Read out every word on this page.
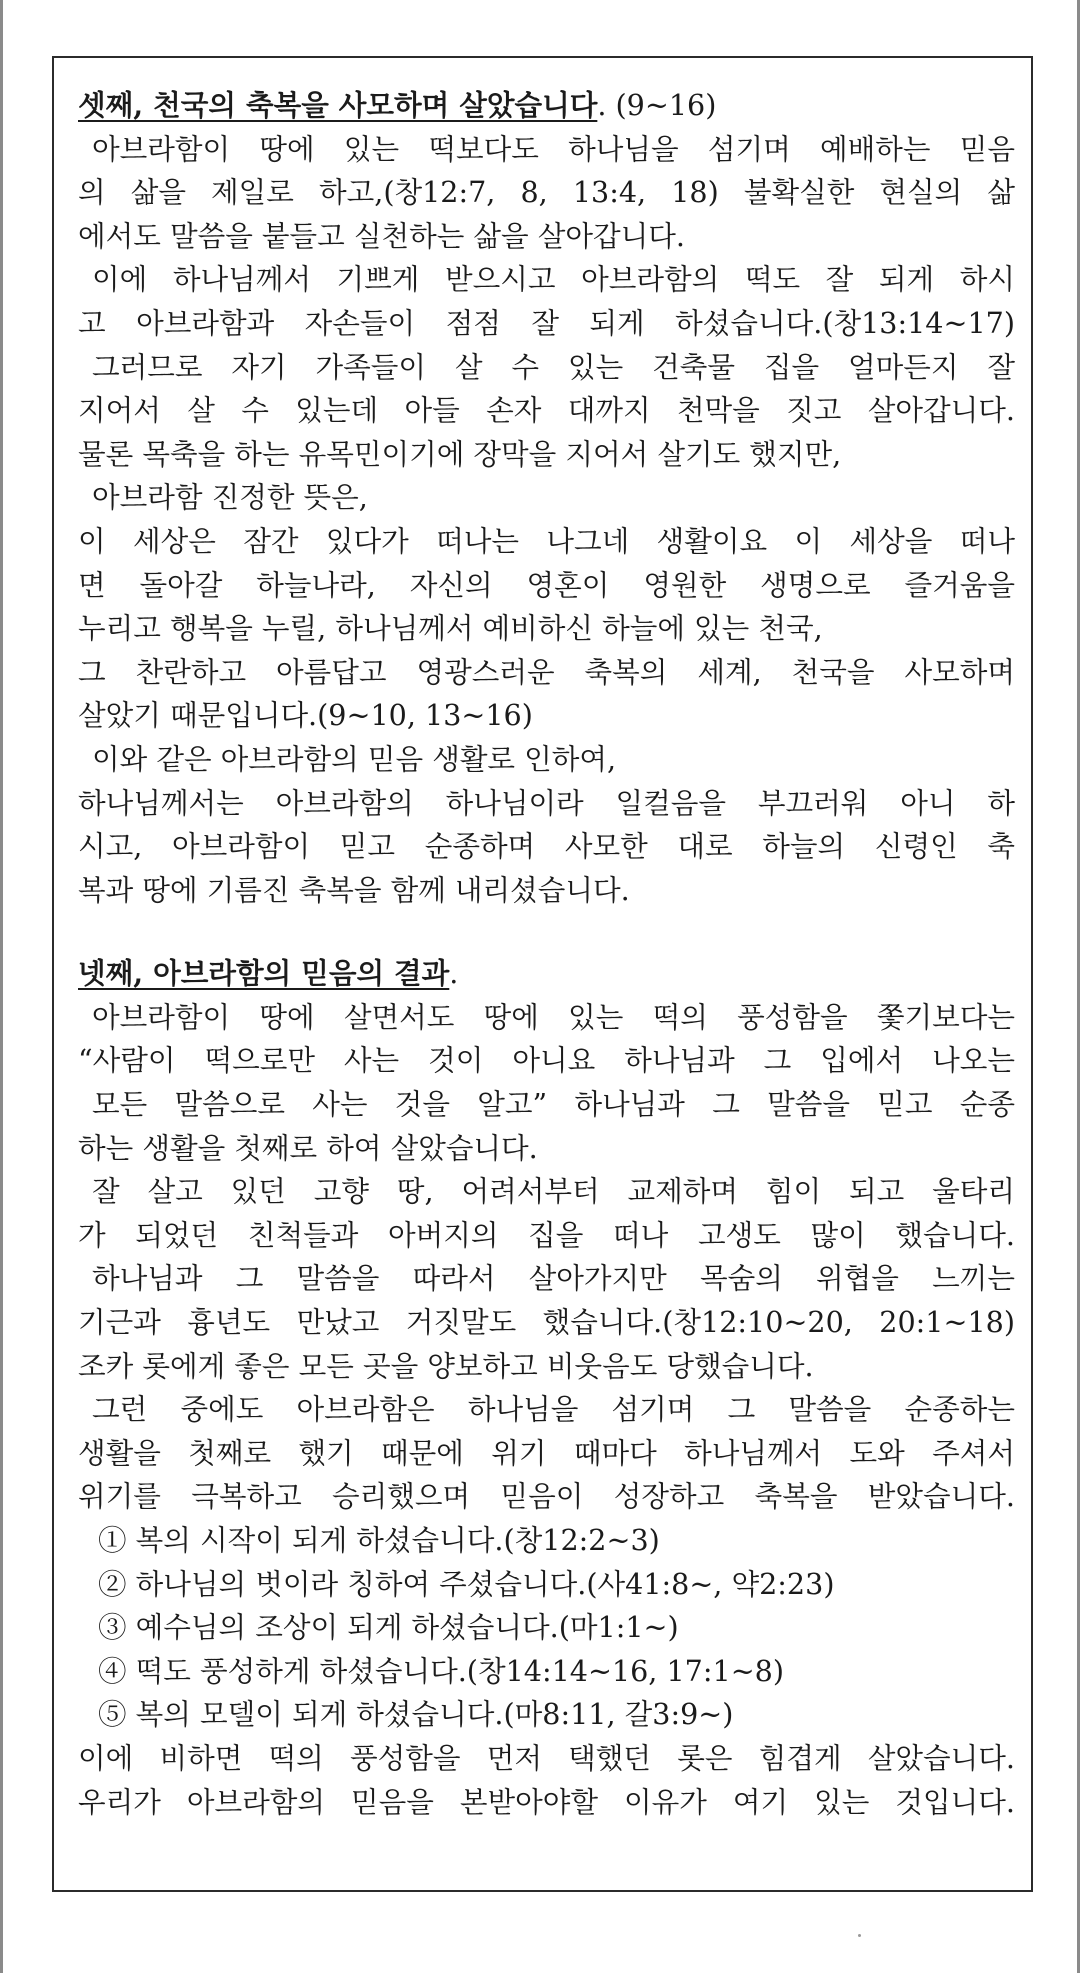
셋째, 천국의 축복을 사모하며 살았습니다. (9~16)
아브라함이 땅에 있는 떡보다도 하나님을 섬기며 예배하는 믿음
의 삶을 제일로 하고,(창12:7, 8, 13:4, 18) 불확실한 현실의 삶
에서도 말씀을 붙들고 실천하는 삶을 살아갑니다.
이에 하나님께서 기쁘게 받으시고 아브라함의 떡도 잘 되게 하시
고 아브라함과 자손들이 점점 잘 되게 하셨습니다.(창13:14~17)
그러므로 자기 가족들이 살 수 있는 건축물 집을 얼마든지 잘
지어서 살 수 있는데 아들 손자 대까지 천막을 짓고 살아갑니다.
물론 목축을 하는 유목민이기에 장막을 지어서 살기도 했지만,
아브라함 진정한 뜻은,
이 세상은 잠간 있다가 떠나는 나그네 생활이요 이 세상을 떠나
면 돌아갈 하늘나라, 자신의 영혼이 영원한 생명으로 즐거움을
누리고 행복을 누릴, 하나님께서 예비하신 하늘에 있는 천국,
그 찬란하고 아름답고 영광스러운 축복의 세계, 천국을 사모하며
살았기 때문입니다.(9~10, 13~16)
이와 같은 아브라함의 믿음 생활로 인하여,
하나님께서는 아브라함의 하나님이라 일컬음을 부끄러워 아니 하
시고, 아브라함이 믿고 순종하며 사모한 대로 하늘의 신령인 축
복과 땅에 기름진 축복을 함께 내리셨습니다.
넷째, 아브라함의 믿음의 결과.
아브라함이 땅에 살면서도 땅에 있는 떡의 풍성함을 쫓기보다는
“사람이 떡으로만 사는 것이 아니요 하나님과 그 입에서 나오는
모든 말씀으로 사는 것을 알고” 하나님과 그 말씀을 믿고 순종
하는 생활을 첫째로 하여 살았습니다.
잘 살고 있던 고향 땅, 어려서부터 교제하며 힘이 되고 울타리
가 되었던 친척들과 아버지의 집을 떠나 고생도 많이 했습니다.
하나님과 그 말씀을 따라서 살아가지만 목숨의 위협을 느끼는
기근과 흉년도 만났고 거짓말도 했습니다.(창12:10~20, 20:1~18)
조카 롯에게 좋은 모든 곳을 양보하고 비웃음도 당했습니다.
그런 중에도 아브라함은 하나님을 섬기며 그 말씀을 순종하는
생활을 첫째로 했기 때문에 위기 때마다 하나님께서 도와 주셔서
위기를 극복하고 승리했으며 믿음이 성장하고 축복을 받았습니다.
① 복의 시작이 되게 하셨습니다.(창12:2~3)
② 하나님의 벗이라 칭하여 주셨습니다.(사41:8~, 약2:23)
③ 예수님의 조상이 되게 하셨습니다.(마1:1~)
④ 떡도 풍성하게 하셨습니다.(창14:14~16, 17:1~8)
⑤ 복의 모델이 되게 하셨습니다.(마8:11, 갈3:9~)
이에 비하면 떡의 풍성함을 먼저 택했던 롯은 힘겹게 살았습니다.
우리가 아브라함의 믿음을 본받아야할 이유가 여기 있는 것입니다.
